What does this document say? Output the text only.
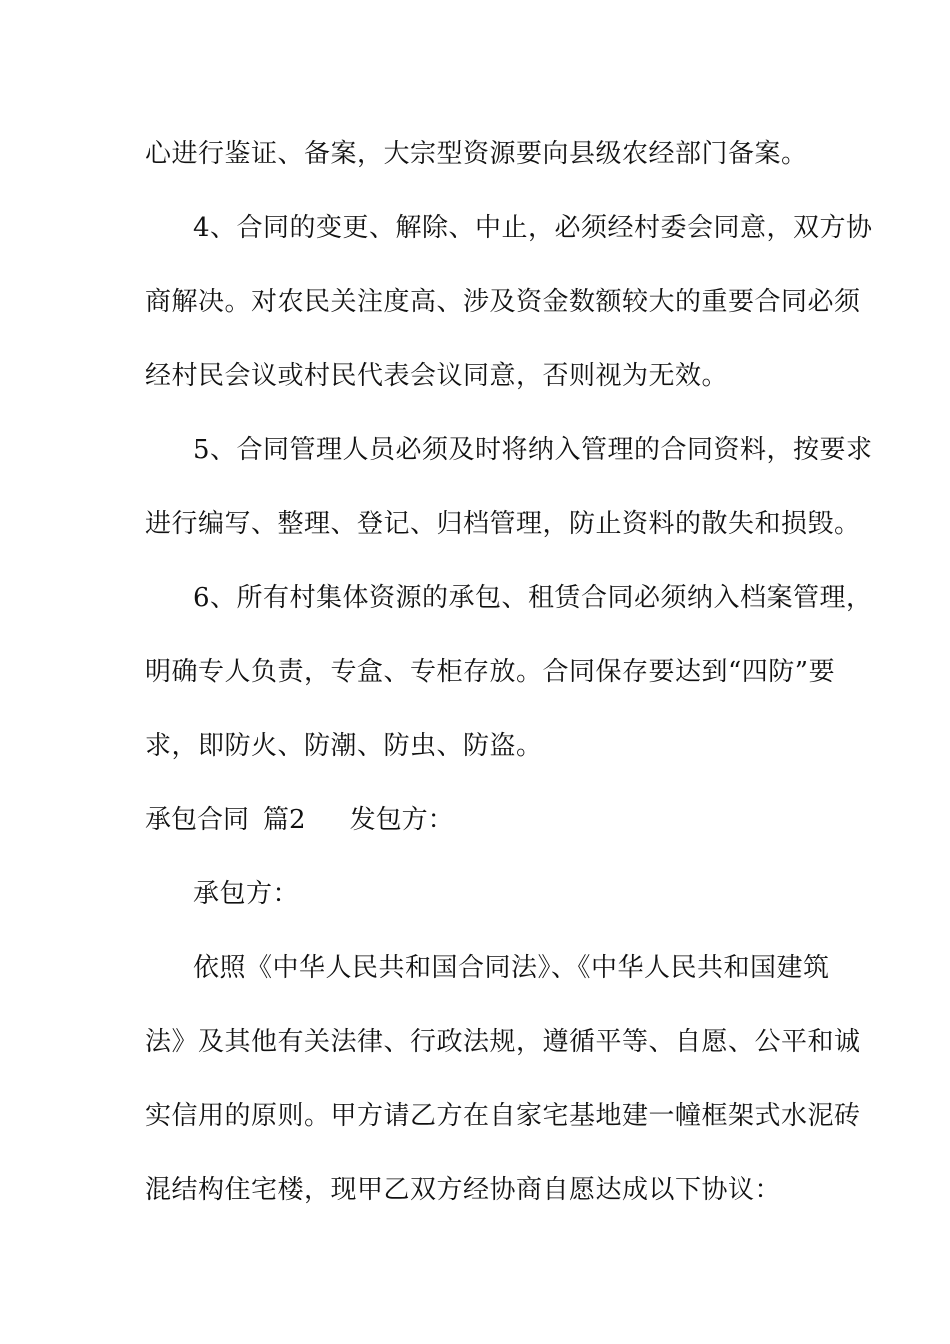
心进行鉴证、备案，大宗型资源要向县级农经部门备案。
4、合同的变更、解除、中止，必须经村委会同意，双方协
商解决。对农民关注度高、涉及资金数额较大的重要合同必须
经村民会议或村民代表会议同意，否则视为无效。
5、合同管理人员必须及时将纳入管理的合同资料，按要求
进行编写、整理、登记、归档管理，防止资料的散失和损毁。
6、所有村集体资源的承包、租赁合同必须纳入档案管理，
明确专人负责，专盒、专柜存放。合同保存要达到“四防”要
求，即防火、防潮、防虫、防盗。
承包合同 篇2 发包方：
承包方：
依照《中华人民共和国合同法》、《中华人民共和国建筑
法》及其他有关法律、行政法规，遵循平等、自愿、公平和诚
实信用的原则。甲方请乙方在自家宅基地建一幢框架式水泥砖
混结构住宅楼，现甲乙双方经协商自愿达成以下协议：
